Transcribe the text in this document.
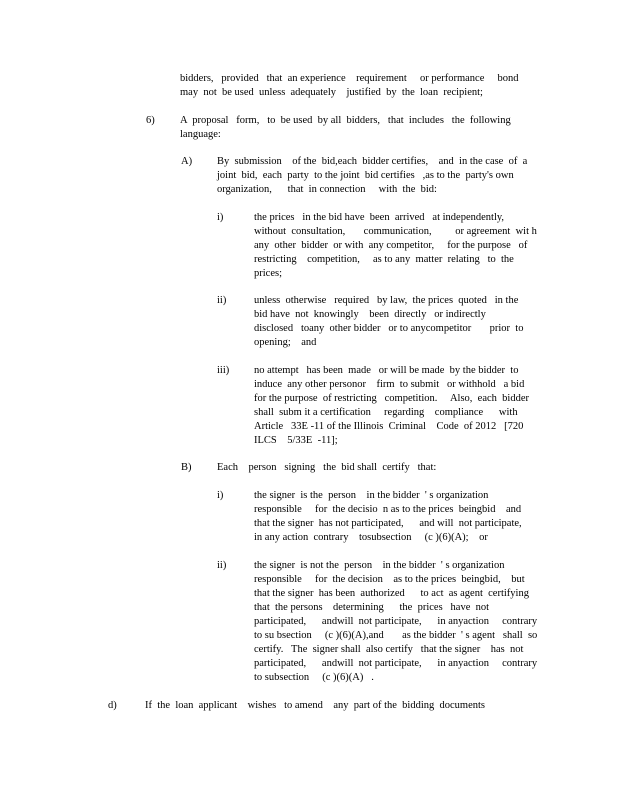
bidders,   provided   that  an experience    requirement     or performance     bond
may  not  be used  unless  adequately    justified  by  the  loan  recipient;
6) A  proposal   form,   to  be used  by all  bidders,   that  includes   the  following
language:
A) By  submission    of the  bid,each  bidder certifies,    and  in the case  of  a
joint  bid,  each  party  to the joint  bid certifies   ,as to the  party's own
organization,      that  in connection     with  the  bid:
i)	the prices   in the bid have  been  arrived   at independently,
without  consultation,       communication,         or agreement  wit h
any  other  bidder  or with  any competitor,     for the purpose   of
restricting    competition,     as to any  matter  relating   to  the
prices;
ii)	unless  otherwise   required   by law,  the prices  quoted   in the
bid have  not  knowingly    been  directly   or indirectly
disclosed   toany  other bidder   or to anycompetitor       prior  to
opening;    and
iii) no attempt   has been  made   or will be made  by the bidder  to
induce  any other personor    firm  to submit   or withhold   a bid
for the purpose  of restricting   competition.     Also,  each  bidder
shall  subm it a certification     regarding    compliance      with
Article   33E -11 of the Illinois  Criminal    Code  of 2012   [720
ILCS    5/33E  -11];
B) Each    person   signing   the  bid shall  certify   that:
i)	the signer  is the  person    in the bidder  ' s organization
responsible     for  the decisio  n as to the prices  beingbid    and
that the signer  has not participated,      and will  not participate,
in any action  contrary    tosubsection     (c )(6)(A);    or
ii)	the signer  is not the  person    in the bidder  ' s organization
responsible     for  the decision    as to the prices  beingbid,    but
that the signer  has been  authorized      to act  as agent  certifying
that  the persons    determining      the  prices   have  not
participated,      andwill  not participate,      in anyaction     contrary
to su bsection     (c )(6)(A),and       as the bidder  ' s agent   shall  so
certify.   The  signer shall  also certify   that the signer    has  not
participated,      andwill  not participate,      in anyaction     contrary
to subsection     (c )(6)(A)   .
d)	If  the  loan  applicant    wishes   to amend    any  part of the  bidding  documents
